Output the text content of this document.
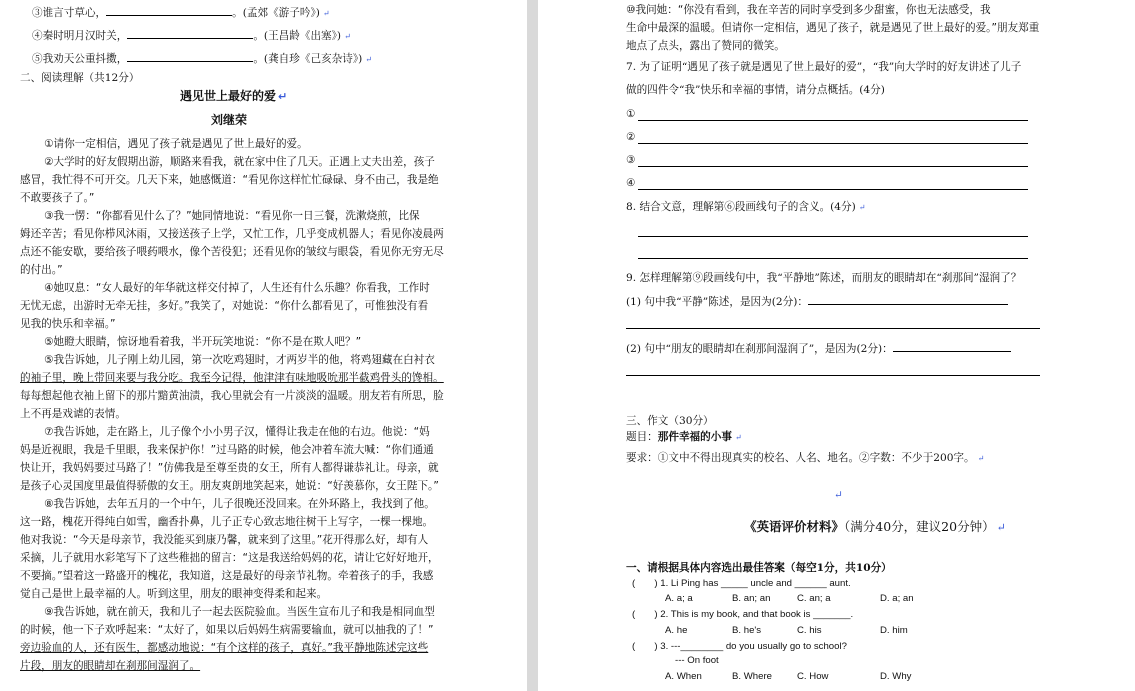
③谁言寸草心，	。(孟郊《游子吟》) ↵
④秦时明月汉时关，	。(王昌龄《出塞》) ↵
⑤我劝天公重抖擞，	。(龚自珍《己亥杂诗》) ↵
二、阅读理解（共12分）
遇见世上最好的爱 ↵
刘继荣
①请你一定相信，遇见了孩子就是遇见了世上最好的爱。
②大学时的好友假期出游，顺路来看我，就在家中住了几天。正遇上丈夫出差，孩子
感冒，我忙得不可开交。几天下来，她感慨道：“看见你这样忙忙碌碌、身不由己，我是绝
不敢要孩子了。”
③我一愣：“你都看见什么了？”她同情地说：“看见你一日三餐，洗漱烧煎，比保
姆还辛苦；看见你栉风沐雨，又接送孩子上学，又忙工作，几乎变成机器人；看见你凌晨两
点还不能安歇，要给孩子喂药喂水，像个苦役犯；还看见你的皱纹与眼袋，看见你无穷无尽
的付出。”
④她叹息：“女人最好的年华就这样交付掉了，人生还有什么乐趣？你看我，工作时
无忧无虑，出游时无牵无挂，多好。”我笑了，对她说：“你什么都看见了，可惟独没有看
见我的快乐和幸福。”
⑤她瞪大眼睛，惊讶地看着我，半开玩笑地说：“你不是在欺人吧？”
⑤我告诉她，儿子刚上幼儿园，第一次吃鸡翅时，才两岁半的他，将鸡翅藏在白衬衣
的袖子里，晚上带回来要与我分吃。我至今记得，他津津有味地吸吮那半截鸡骨头的馋相。
每每想起他衣袖上留下的那片黯黄油渍，我心里就会有一片淡淡的温暖。朋友若有所思，脸
上不再是戏谑的表情。
⑦我告诉她，走在路上，儿子像个小小男子汉，懂得让我走在他的右边。他说：“妈
妈是近视眼，我是千里眼，我来保护你！”过马路的时候，他会冲着车流大喊：“你们通通
快让开，我妈妈要过马路了！”仿佛我是至尊至贵的女王，所有人都得谦恭礼让。母亲，就
是孩子心灵国度里最值得骄傲的女王。朋友爽朗地笑起来，她说：“好羡慕你，女王陛下。”
⑧我告诉她，去年五月的一个中午，儿子很晚还没回来。在外环路上，我找到了他。
这一路，槐花开得纯白如雪，幽香扑鼻，儿子正专心致志地往树干上写字，一棵一棵地。
他对我说：“今天是母亲节，我没能买到康乃馨，就来到了这里。”花开得那么好，却有人
采摘，儿子就用水彩笔写下了这些稚拙的留言：“这是我送给妈妈的花，请让它好好地开，
不要摘。”望着这一路盛开的槐花，我知道，这是最好的母亲节礼物。牵着孩子的手，我感
觉自己是世上最幸福的人。听到这里，朋友的眼神变得柔和起来。
⑨我告诉她，就在前天，我和儿子一起去医院验血。当医生宣布儿子和我是相同血型
的时候，他一下子欢呼起来：“太好了，如果以后妈妈生病需要输血，就可以抽我的了！”
旁边验血的人，还有医生，都感动地说：“有个这样的孩子，真好。”我平静地陈述完这些
片段，朋友的眼睛却在刹那间湿润了。
⑩我问她：“你没有看到，我在辛苦的同时享受到多少甜蜜，你也无法感受，我
生命中最深的温暖。但请你一定相信，遇见了孩子，就是遇见了世上最好的爱。”朋友郑重
地点了点头，露出了赞同的微笑。
7. 为了证明“遇见了孩子就是遇见了世上最好的爱”，“我”向大学时的好友讲述了儿子
做的四件令“我”快乐和幸福的事情，请分点概括。(4分)
①
②
③
④
8. 结合文意，理解第⑥段画线句子的含义。(4分) ↵
9. 怎样理解第⑨段画线句中，我“平静地”陈述，而朋友的眼睛却在“刹那间”湿润了？
(1) 句中我“平静”陈述，是因为(2分)：
(2) 句中“朋友的眼睛却在刹那间湿润了”，是因为(2分)：
三、作文（30分）
题目：那件幸福的小事 ↵
要求：①文中不得出现真实的校名、人名、地名。②字数：不少于200字。 ↵
↵
《英语评价材料》（满分40分，建议20分钟） ↵
一、请根据具体内容选出最佳答案（每空1分，共10分）
(　　) 1. Li Ping has _____ uncle and ______ aunt.
A. a; a	B. an; an	C. an; a	D. a; an
(　　) 2. This is my book, and that book is _______.
A. he	B. he's	C. his	D. him
(　　) 3. ---________ do you usually go to school?
--- On foot
A. When	B. Where	C. How	D. Why
